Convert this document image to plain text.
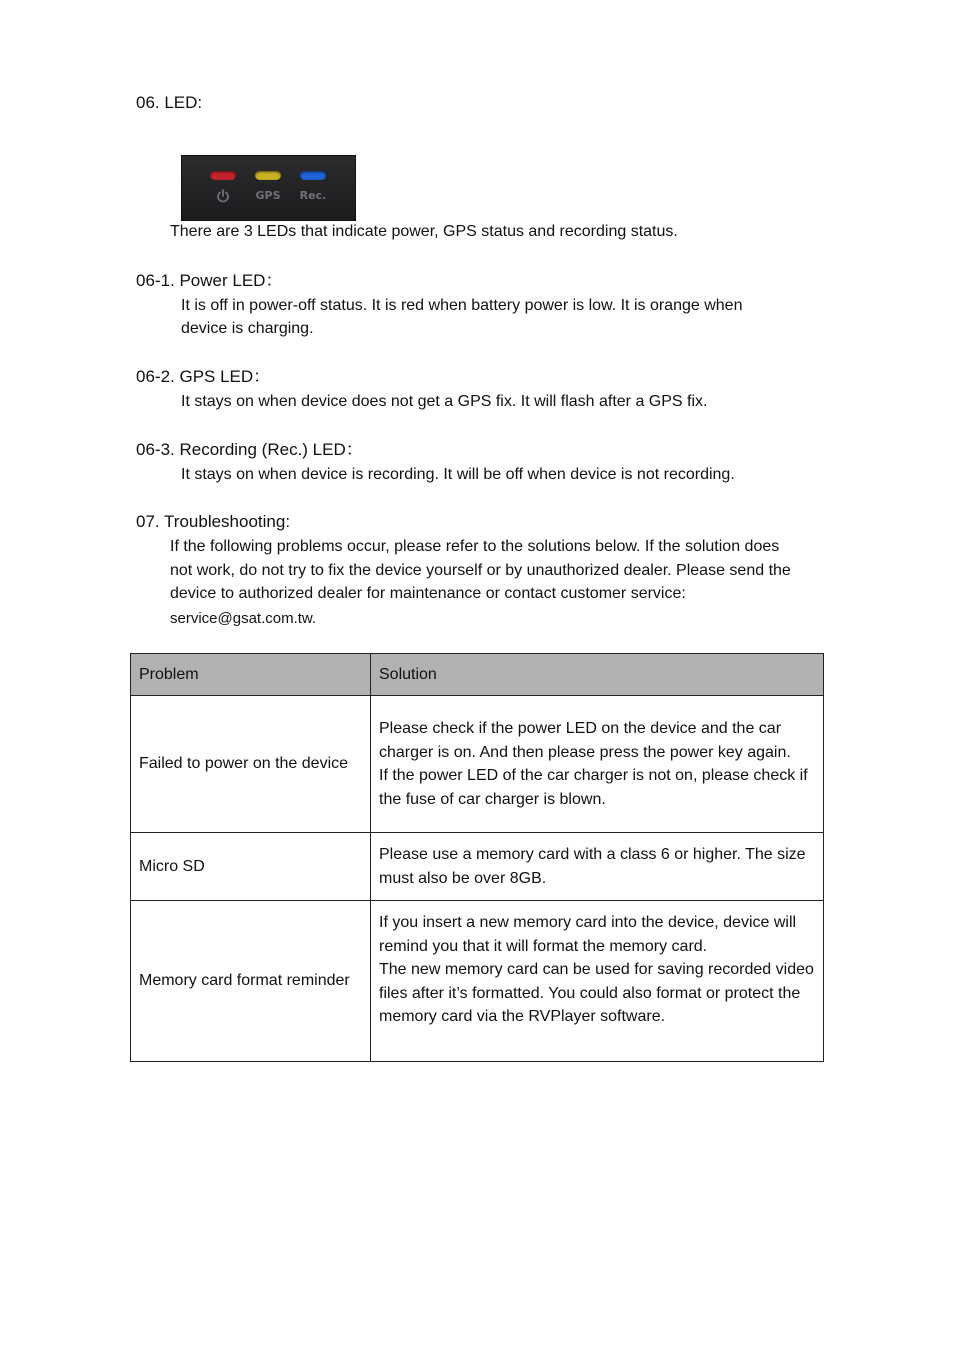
06. LED:
GPS	Rec.
There are 3 LEDs that indicate power, GPS status and recording status.
06-1. Power LED：
It is off in power-off status. It is red when battery power is low. It is orange when
device is charging.
06-2. GPS LED：
It stays on when device does not get a GPS fix. It will flash after a GPS fix.
06-3. Recording (Rec.) LED：
It stays on when device is recording. It will be off when device is not recording.
07. Troubleshooting:
If the following problems occur, please refer to the solutions below. If the solution does
not work, do not try to fix the device yourself or by unauthorized dealer. Please send the
device to authorized dealer for maintenance or contact customer service:
service@gsat.com.tw.
Problem	Solution
Failed to power on the device	Please check if the power LED on the device and the car charger is on. And then please press the power key again.
If the power LED of the car charger is not on, please check if the fuse of car charger is blown.

Micro SD	Please use a memory card with a class 6 or higher. The size must also be over 8GB.

Memory card format reminder	If you insert a new memory card into the device, device will remind you that it will format the memory card.
The new memory card can be used for saving recorded video files after it’s formatted. You could also format or protect the memory card via the RVPlayer software.
